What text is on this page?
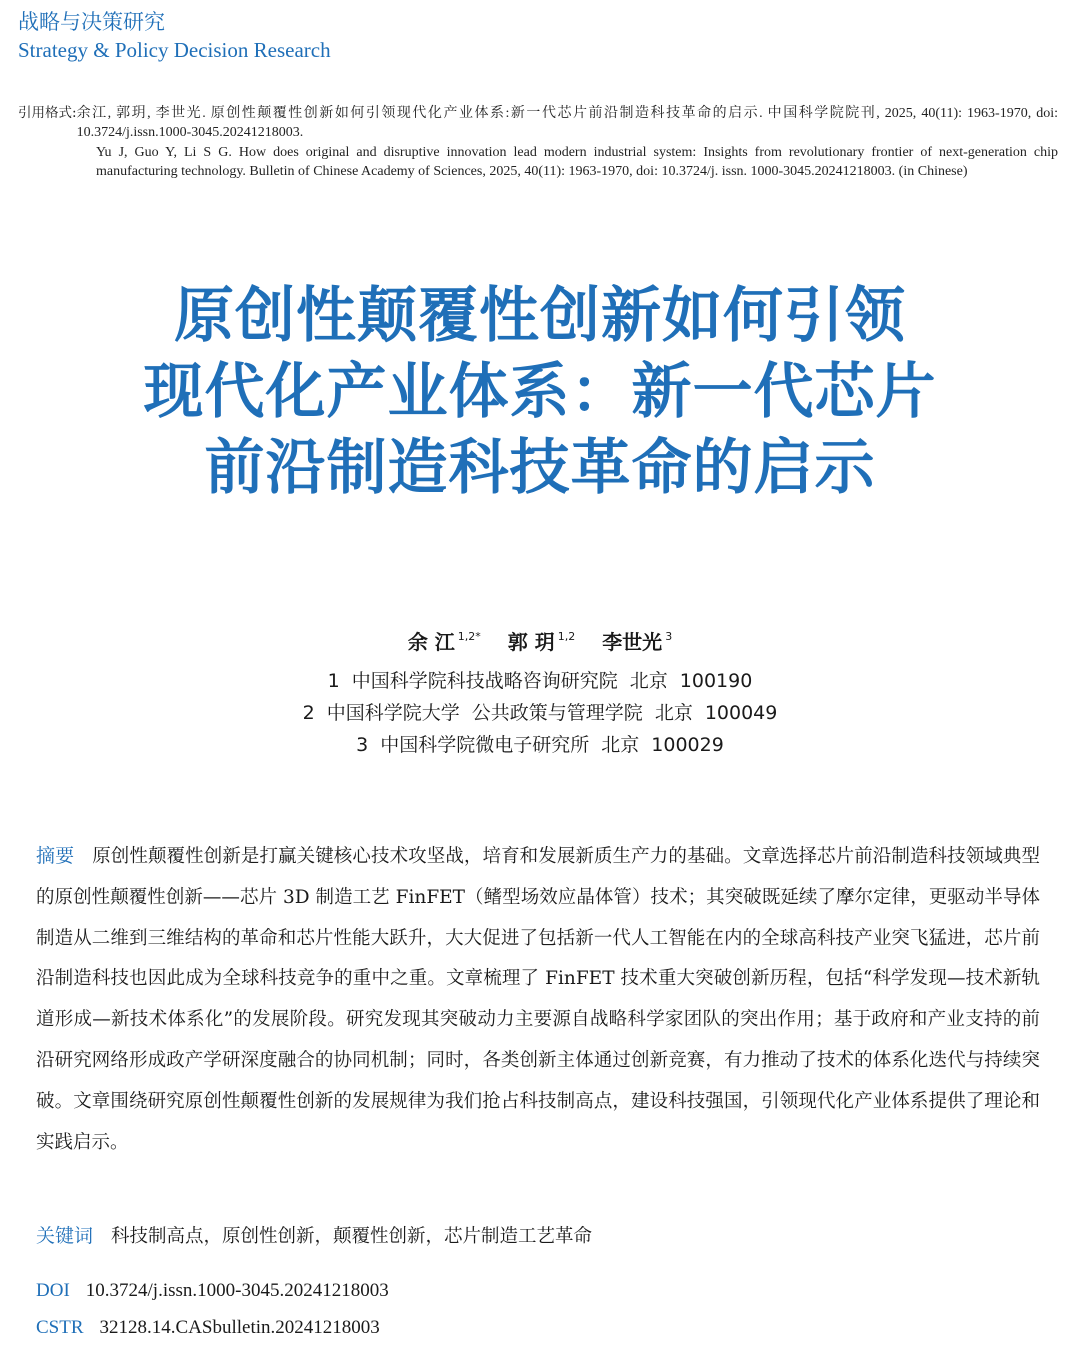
战略与决策研究
Strategy & Policy Decision Research
引用格式: 余江, 郭玥, 李世光. 原创性颠覆性创新如何引领现代化产业体系:新一代芯片前沿制造科技革命的启示. 中国科学院院刊, 2025, 40(11): 1963-1970, doi: 10.3724/j.issn.1000-3045.20241218003.
Yu J, Guo Y, Li S G. How does original and disruptive innovation lead modern industrial system: Insights from revolutionary frontier of next-generation chip manufacturing technology. Bulletin of Chinese Academy of Sciences, 2025, 40(11): 1963-1970, doi: 10.3724/j. issn. 1000-3045.20241218003. (in Chinese)
原创性颠覆性创新如何引领
现代化产业体系：新一代芯片
前沿制造科技革命的启示
余 江 $^{1,2*}$ 郭 玥 $^{1,2}$ 李世光 $^3$
1 中国科学院科技战略咨询研究院 北京 100190
2 中国科学院大学  公共政策与管理学院 北京 100049
3 中国科学院微电子研究所 北京 100029
摘要 原创性颠覆性创新是打赢关键核心技术攻坚战，培育和发展新质生产力的基础。文章选择芯片前沿制造科技领域典型的原创性颠覆性创新——芯片 3D 制造工艺 FinFET（鳍型场效应晶体管）技术；其突破既延续了摩尔定律，更驱动半导体制造从二维到三维结构的革命和芯片性能大跃升，大大促进了包括新一代人工智能在内的全球高科技产业突飞猛进，芯片前沿制造科技也因此成为全球科技竞争的重中之重。文章梳理了 FinFET 技术重大突破创新历程，包括“科学发现—技术新轨道形成—新技术体系化”的发展阶段。研究发现其突破动力主要源自战略科学家团队的突出作用；基于政府和产业支持的前沿研究网络形成政产学研深度融合的协同机制；同时，各类创新主体通过创新竞赛，有力推动了技术的体系化迭代与持续突破。文章围绕研究原创性颠覆性创新的发展规律为我们抢占科技制高点，建设科技强国，引领现代化产业体系提供了理论和实践启示。
关键词 科技制高点，原创性创新，颠覆性创新，芯片制造工艺革命
DOI 10.3724/j.issn.1000-3045.20241218003
CSTR 32128.14.CASbulletin.20241218003
